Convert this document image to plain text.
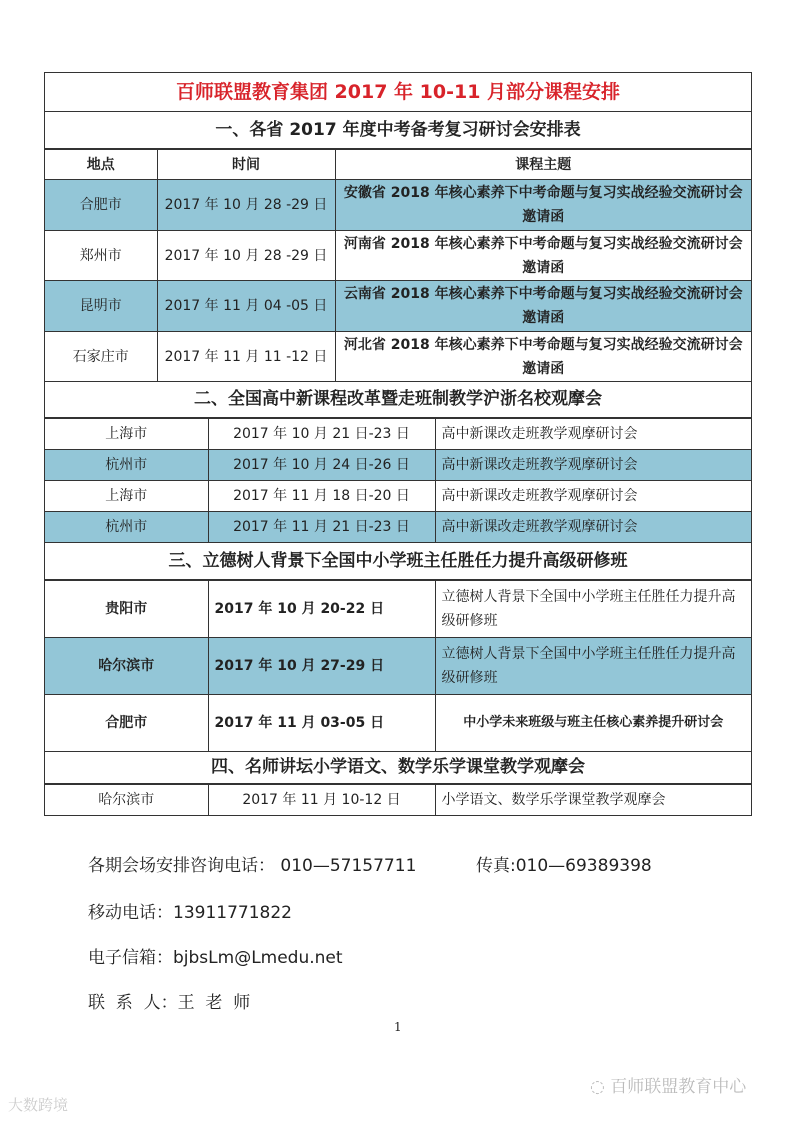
百师联盟教育集团 2017 年 10-11 月部分课程安排
一、各省 2017 年度中考备考复习研讨会安排表
地点	时间	课程主题
合肥市	2017 年 10 月 28 -29 日	安徽省 2018 年核心素养下中考命题与复习实战经验交流研讨会邀请函
郑州市	2017 年 10 月 28 -29 日	河南省 2018 年核心素养下中考命题与复习实战经验交流研讨会邀请函
昆明市	2017 年 11 月 04 -05 日	云南省 2018 年核心素养下中考命题与复习实战经验交流研讨会邀请函
石家庄市	2017 年 11 月 11 -12 日	河北省 2018 年核心素养下中考命题与复习实战经验交流研讨会邀请函
二、全国高中新课程改革暨走班制教学沪浙名校观摩会
上海市	2017 年 10 月 21 日-23 日	高中新课改走班教学观摩研讨会
杭州市	2017 年 10 月 24 日-26 日	高中新课改走班教学观摩研讨会
上海市	2017 年 11 月 18 日-20 日	高中新课改走班教学观摩研讨会
杭州市	2017 年 11 月 21 日-23 日	高中新课改走班教学观摩研讨会
三、立德树人背景下全国中小学班主任胜任力提升高级研修班
贵阳市	2017 年 10 月 20-22 日	立德树人背景下全国中小学班主任胜任力提升高级研修班
哈尔滨市	2017 年 10 月 27-29 日	立德树人背景下全国中小学班主任胜任力提升高级研修班
合肥市	2017 年 11 月 03-05 日	中小学未来班级与班主任核心素养提升研讨会
四、名师讲坛小学语文、数学乐学课堂教学观摩会
哈尔滨市	2017 年 11 月 10-12 日	小学语文、数学乐学课堂教学观摩会
各期会场安排咨询电话： 010—57157711	传真:010—69389398
移动电话：13911771822
电子信箱：bjbsLm@Lmedu.net
联  系  人：王  老  师
1
大数跨境
◌ 百师联盟教育中心
